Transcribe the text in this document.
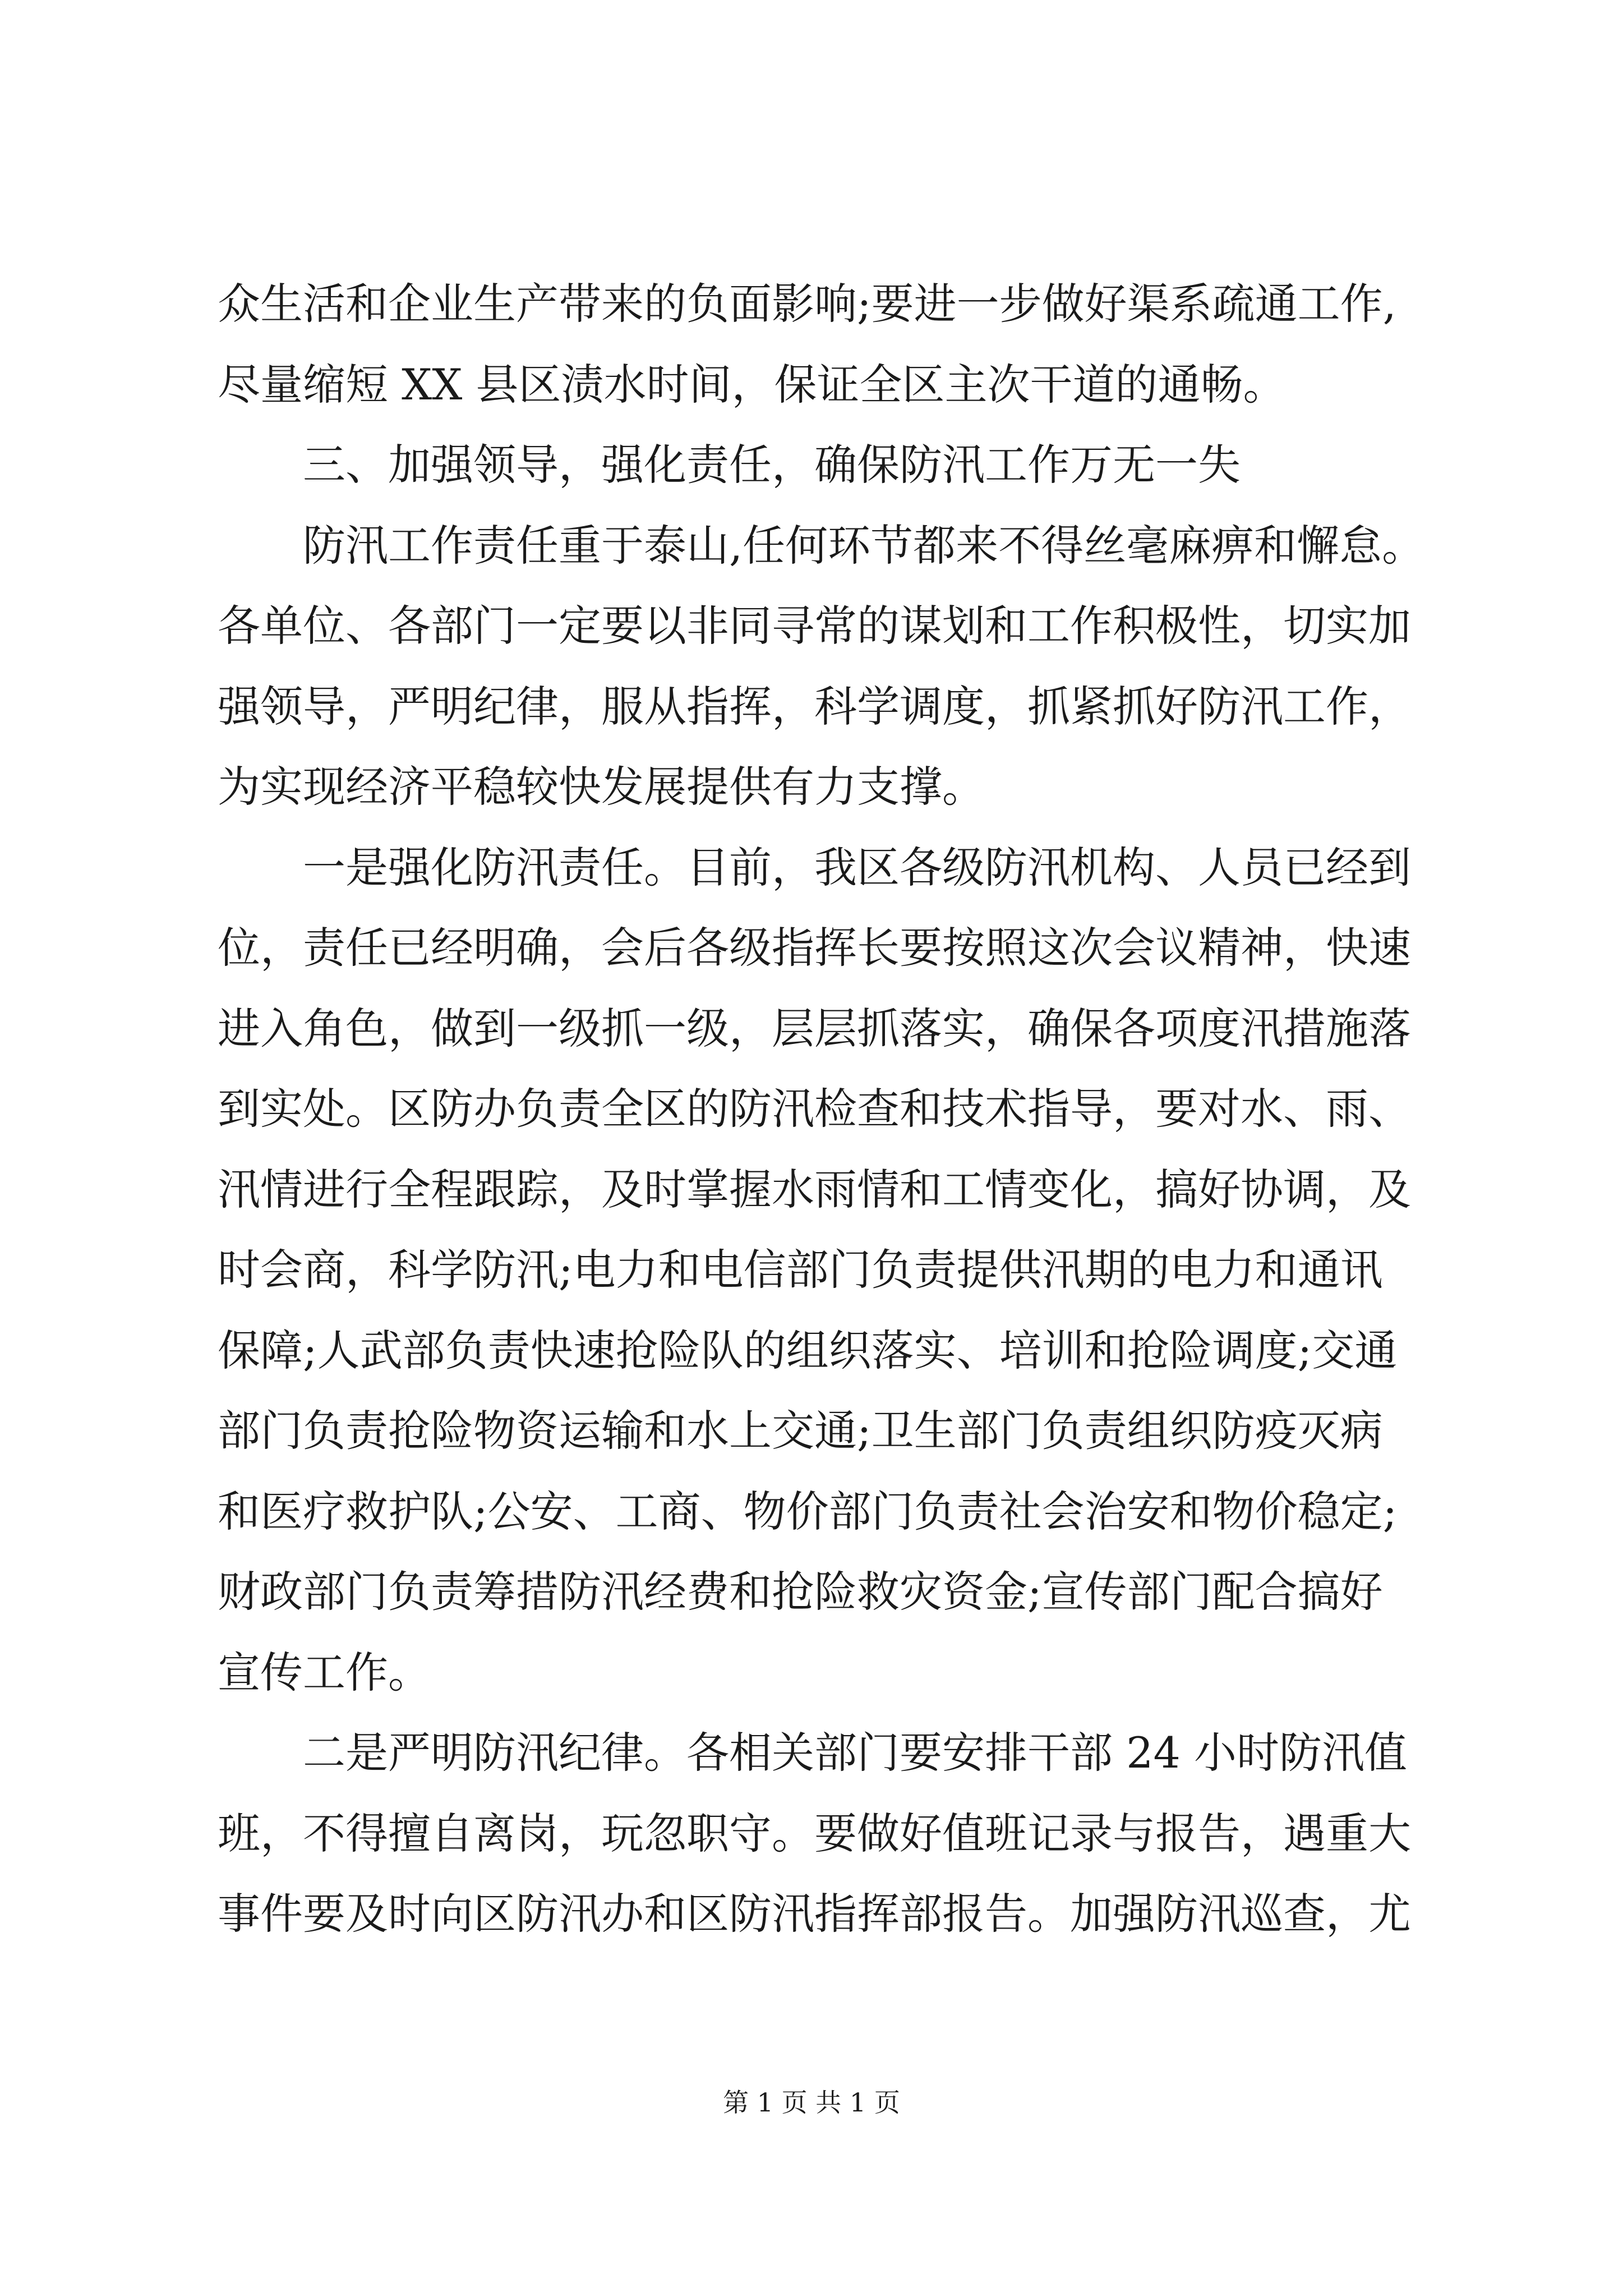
众生活和企业生产带来的负面影响;要进一步做好渠系疏通工作,
尽量缩短 XX 县区渍水时间，保证全区主次干道的通畅。
三、加强领导，强化责任，确保防汛工作万无一失
防汛工作责任重于泰山,任何环节都来不得丝毫麻痹和懈怠。
各单位、各部门一定要以非同寻常的谋划和工作积极性，切实加
强领导，严明纪律，服从指挥，科学调度，抓紧抓好防汛工作，
为实现经济平稳较快发展提供有力支撑。
一是强化防汛责任。目前，我区各级防汛机构、人员已经到
位，责任已经明确，会后各级指挥长要按照这次会议精神，快速
进入角色，做到一级抓一级，层层抓落实，确保各项度汛措施落
到实处。区防办负责全区的防汛检查和技术指导，要对水、雨、
汛情进行全程跟踪，及时掌握水雨情和工情变化，搞好协调，及
时会商，科学防汛;电力和电信部门负责提供汛期的电力和通讯
保障;人武部负责快速抢险队的组织落实、培训和抢险调度;交通
部门负责抢险物资运输和水上交通;卫生部门负责组织防疫灭病
和医疗救护队;公安、工商、物价部门负责社会治安和物价稳定;
财政部门负责筹措防汛经费和抢险救灾资金;宣传部门配合搞好
宣传工作。
二是严明防汛纪律。各相关部门要安排干部 24 小时防汛值
班，不得擅自离岗，玩忽职守。要做好值班记录与报告，遇重大
事件要及时向区防汛办和区防汛指挥部报告。加强防汛巡查，尤
第 1 页 共 1 页
